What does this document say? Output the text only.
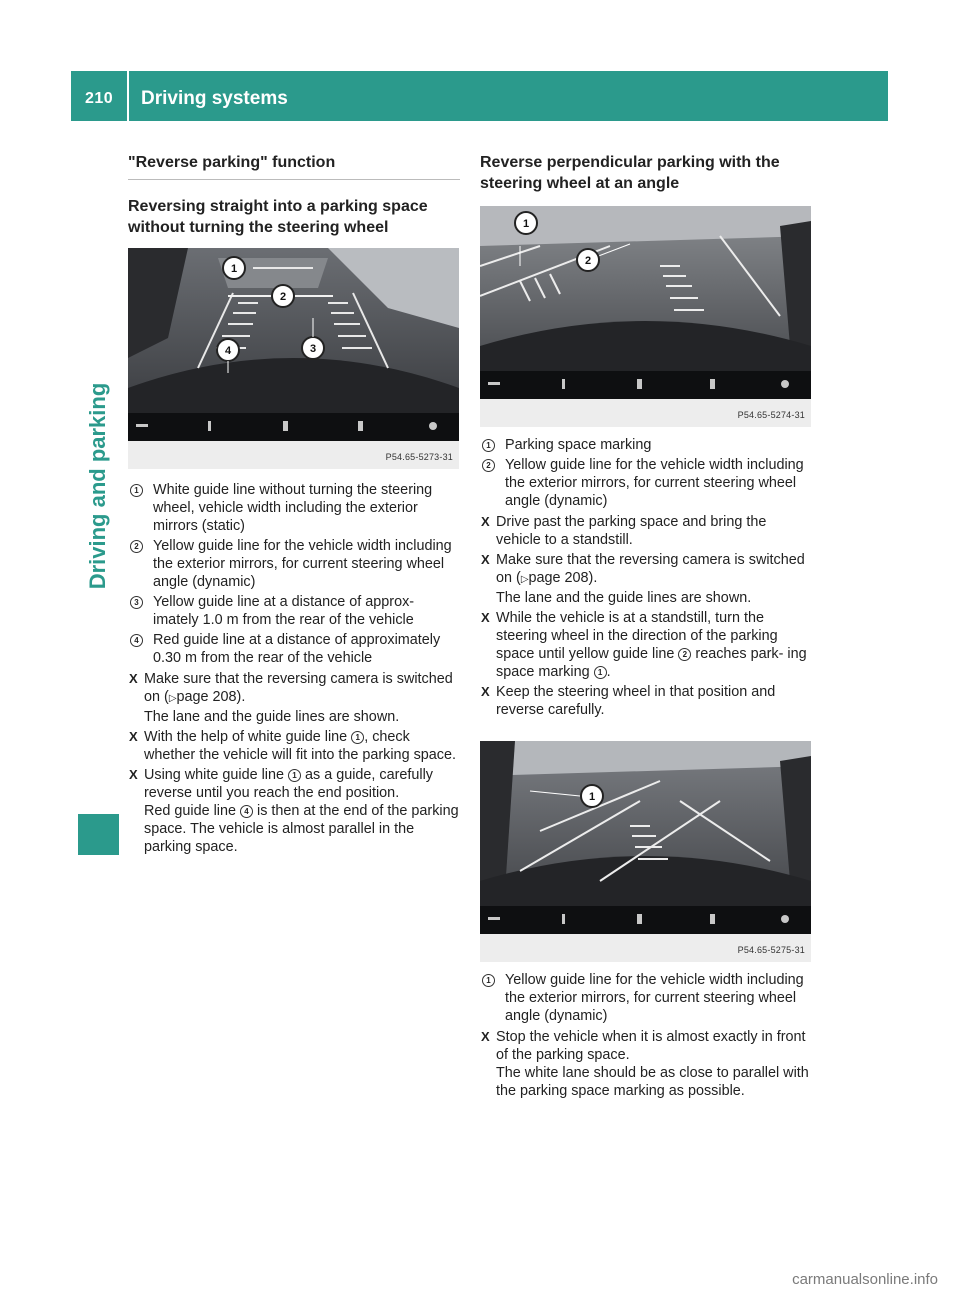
210 Driving systems
Driving and parking
"Reverse parking" function
Reversing straight into a parking space without turning the steering wheel
1
2
3
4
P54.65-5273-31
1 White guide line without turning the steering wheel, vehicle width including the exterior mirrors (static)
2 Yellow guide line for the vehicle width including the exterior mirrors, for current steering wheel angle (dynamic)
3 Yellow guide line at a distance of approx- imately 1.0 m from the rear of the vehicle
4 Red guide line at a distance of approximately 0.30 m from the rear of the vehicle
X Make sure that the reversing camera is switched on (▷page 208).
The lane and the guide lines are shown.
X With the help of white guide line 1 , check whether the vehicle will fit into the parking space.
X Using white guide line 1 as a guide, carefully reverse until you reach the end position.
Red guide line 4 is then at the end of the parking space. The vehicle is almost parallel in the parking space.
Reverse perpendicular parking with the steering wheel at an angle
1
2
P54.65-5274-31
1 Parking space marking
2 Yellow guide line for the vehicle width including the exterior mirrors, for current steering wheel angle (dynamic)
X Drive past the parking space and bring the vehicle to a standstill.
X Make sure that the reversing camera is switched on (▷page 208).
The lane and the guide lines are shown.
X While the vehicle is at a standstill, turn the steering wheel in the direction of the parking space until yellow guide line 2 reaches park- ing space marking 1 .
X Keep the steering wheel in that position and reverse carefully.
1
P54.65-5275-31
1 Yellow guide line for the vehicle width including the exterior mirrors, for current steering wheel angle (dynamic)
X Stop the vehicle when it is almost exactly in front of the parking space.
The white lane should be as close to parallel with the parking space marking as possible.
carmanualsonline.info
